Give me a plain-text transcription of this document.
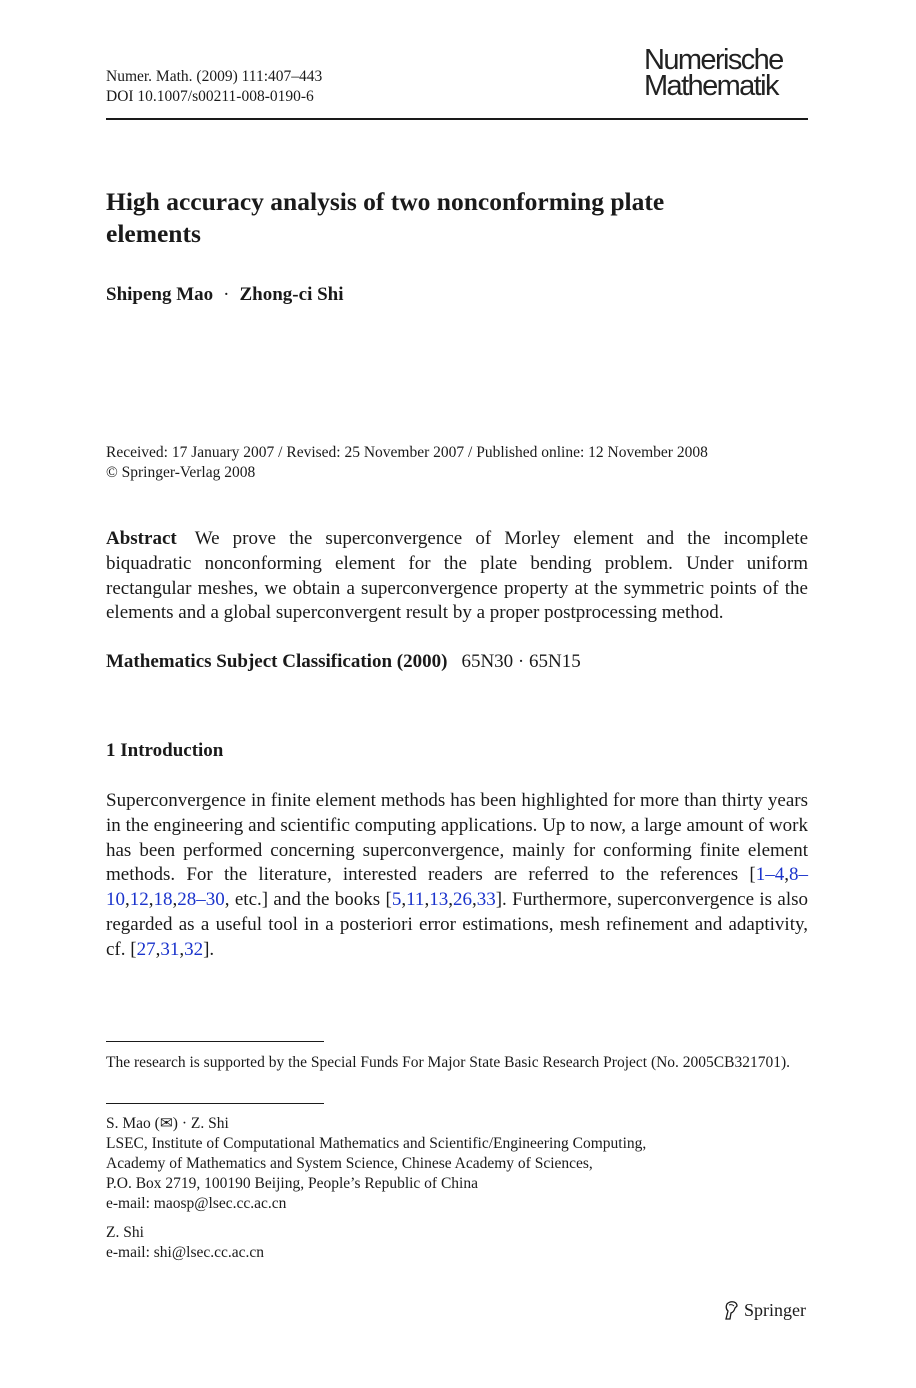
Numer. Math. (2009) 111:407–443
DOI 10.1007/s00211-008-0190-6
Numerische
Mathematik
High accuracy analysis of two nonconforming plate
elements
Shipeng Mao · Zhong-ci Shi
Received: 17 January 2007 / Revised: 25 November 2007 / Published online: 12 November 2008
© Springer-Verlag 2008
Abstract We prove the superconvergence of Morley element and the incomplete biquadratic nonconforming element for the plate bending problem. Under uniform rectangular meshes, we obtain a superconvergence property at the symmetric points of the elements and a global superconvergent result by a proper postprocessing method.
Mathematics Subject Classification (2000) 65N30 · 65N15
1 Introduction
Superconvergence in finite element methods has been highlighted for more than thirty years in the engineering and scientific computing applications. Up to now, a large amount of work has been performed concerning superconvergence, mainly for conforming finite element methods. For the literature, interested readers are referred to the references [1–4,8–10,12,18,28–30, etc.] and the books [5,11,13,26,33]. Furthermore, superconvergence is also regarded as a useful tool in a posteriori error estimations, mesh refinement and adaptivity, cf. [27,31,32].
The research is supported by the Special Funds For Major State Basic Research Project (No. 2005CB321701).
S. Mao (✉) · Z. Shi
LSEC, Institute of Computational Mathematics and Scientific/Engineering Computing,
Academy of Mathematics and System Science, Chinese Academy of Sciences,
P.O. Box 2719, 100190 Beijing, People’s Republic of China
e-mail: maosp@lsec.cc.ac.cn
Z. Shi
e-mail: shi@lsec.cc.ac.cn
Springer
